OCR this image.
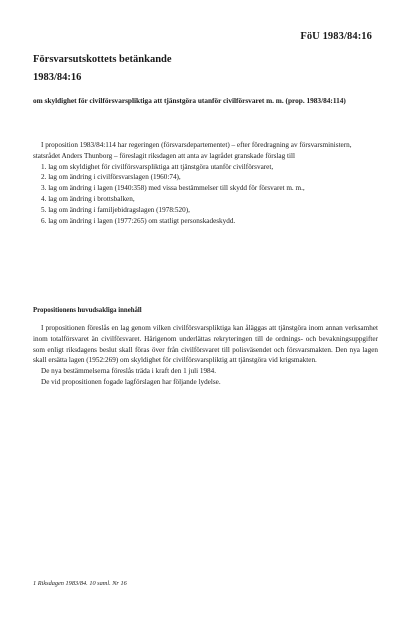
FöU 1983/84:16
Försvarsutskottets betänkande
1983/84:16
om skyldighet för civilförsvarspliktiga att tjänstgöra utanför civilförsvaret m. m. (prop. 1983/84:114)

I proposition 1983/84:114 har regeringen (försvarsdepartementet) – efter föredragning av försvarsministern, statsrådet Anders Thunborg – föreslagit riksdagen att anta av lagrådet granskade förslag till

1. lag om skyldighet för civilförsvarspliktiga att tjänstgöra utanför civilförsvaret,

2. lag om ändring i civilförsvarslagen (1960:74),

3. lag om ändring i lagen (1940:358) med vissa bestämmelser till skydd för försvaret m. m.,

4. lag om ändring i brottsbalken,

5. lag om ändring i familjebidragslagen (1978:520),

6. lag om ändring i lagen (1977:265) om statligt personskadeskydd.

Propositionens huvudsakliga innehåll

I propositionen föreslås en lag genom vilken civilförsvarspliktiga kan åläggas att tjänstgöra inom annan verksamhet inom totalförsvaret än civilförsvaret. Härigenom underlättas rekryteringen till de ordnings- och bevakningsuppgifter som enligt riksdagens beslut skall föras över från civilförsvaret till polisväsendet och försvarsmakten. Den nya lagen skall ersätta lagen (1952:269) om skyldighet för civilförsvarspliktig att tjänstgöra vid krigsmakten.

De nya bestämmelserna föreslås träda i kraft den 1 juli 1984.

De vid propositionen fogade lagförslagen har följande lydelse.

1 Riksdagen 1983/84. 10 saml. Nr 16
